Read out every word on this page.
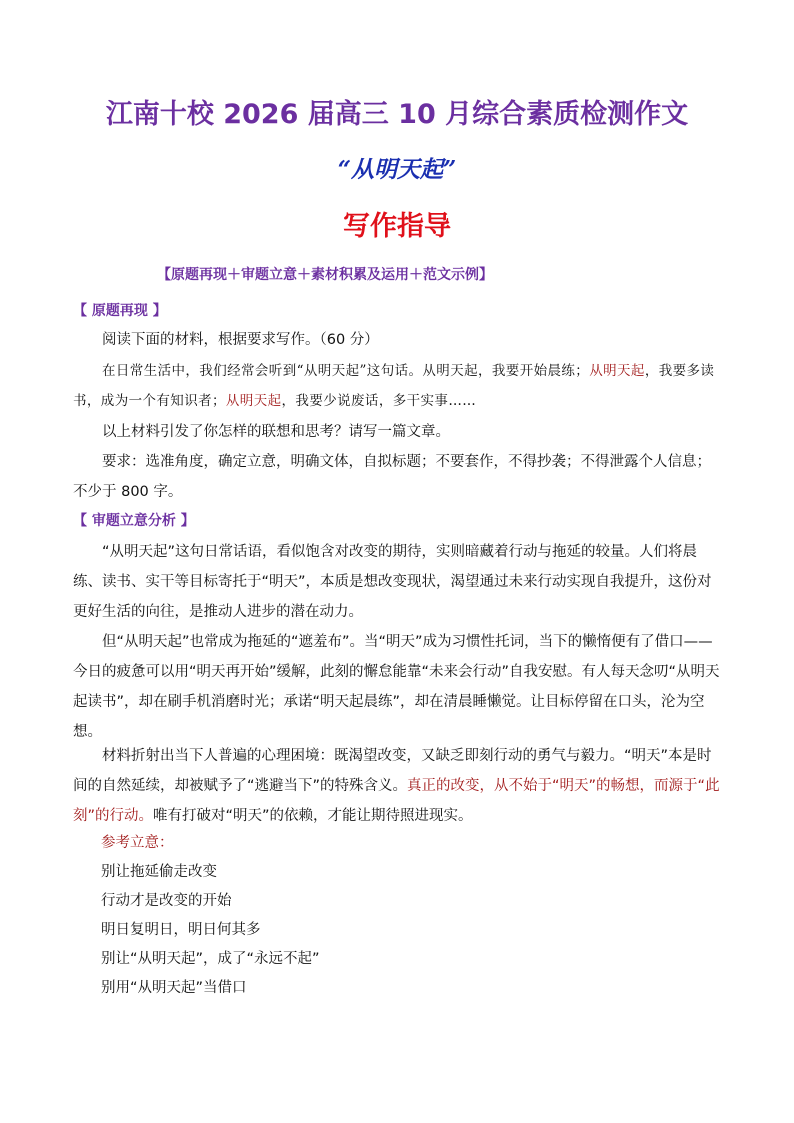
江南十校 2026 届高三 10 月综合素质检测作文
“从明天起”
写作指导
【原题再现＋审题立意＋素材积累及运用＋范文示例】
【 原题再现 】

阅读下面的材料，根据要求写作。（60 分）

在日常生活中，我们经常会听到“从明天起”这句话。从明天起，我要开始晨练；从明天起，我要多读书，成为一个有知识者；从明天起，我要少说废话，多干实事……

以上材料引发了你怎样的联想和思考？请写一篇文章。

要求：选准角度，确定立意，明确文体，自拟标题；不要套作，不得抄袭；不得泄露个人信息；不少于 800 字。

【 审题立意分析 】

“从明天起”这句日常话语，看似饱含对改变的期待，实则暗藏着行动与拖延的较量。人们将晨练、读书、实干等目标寄托于“明天”，本质是想改变现状，渴望通过未来行动实现自我提升，这份对更好生活的向往，是推动人进步的潜在动力。

但“从明天起”也常成为拖延的“遮羞布”。当“明天”成为习惯性托词，当下的懒惰便有了借口——今日的疲惫可以用“明天再开始”缓解，此刻的懈怠能靠“未来会行动”自我安慰。有人每天念叨“从明天起读书”，却在刷手机消磨时光；承诺“明天起晨练”，却在清晨睡懒觉。让目标停留在口头，沦为空想。

材料折射出当下人普遍的心理困境：既渴望改变，又缺乏即刻行动的勇气与毅力。“明天”本是时间的自然延续，却被赋予了“逃避当下”的特殊含义。真正的改变，从不始于“明天”的畅想，而源于“此刻”的行动。唯有打破对“明天”的依赖，才能让期待照进现实。

参考立意：
别让拖延偷走改变
行动才是改变的开始
明日复明日，明日何其多
别让“从明天起”，成了“永远不起”
别用“从明天起”当借口
